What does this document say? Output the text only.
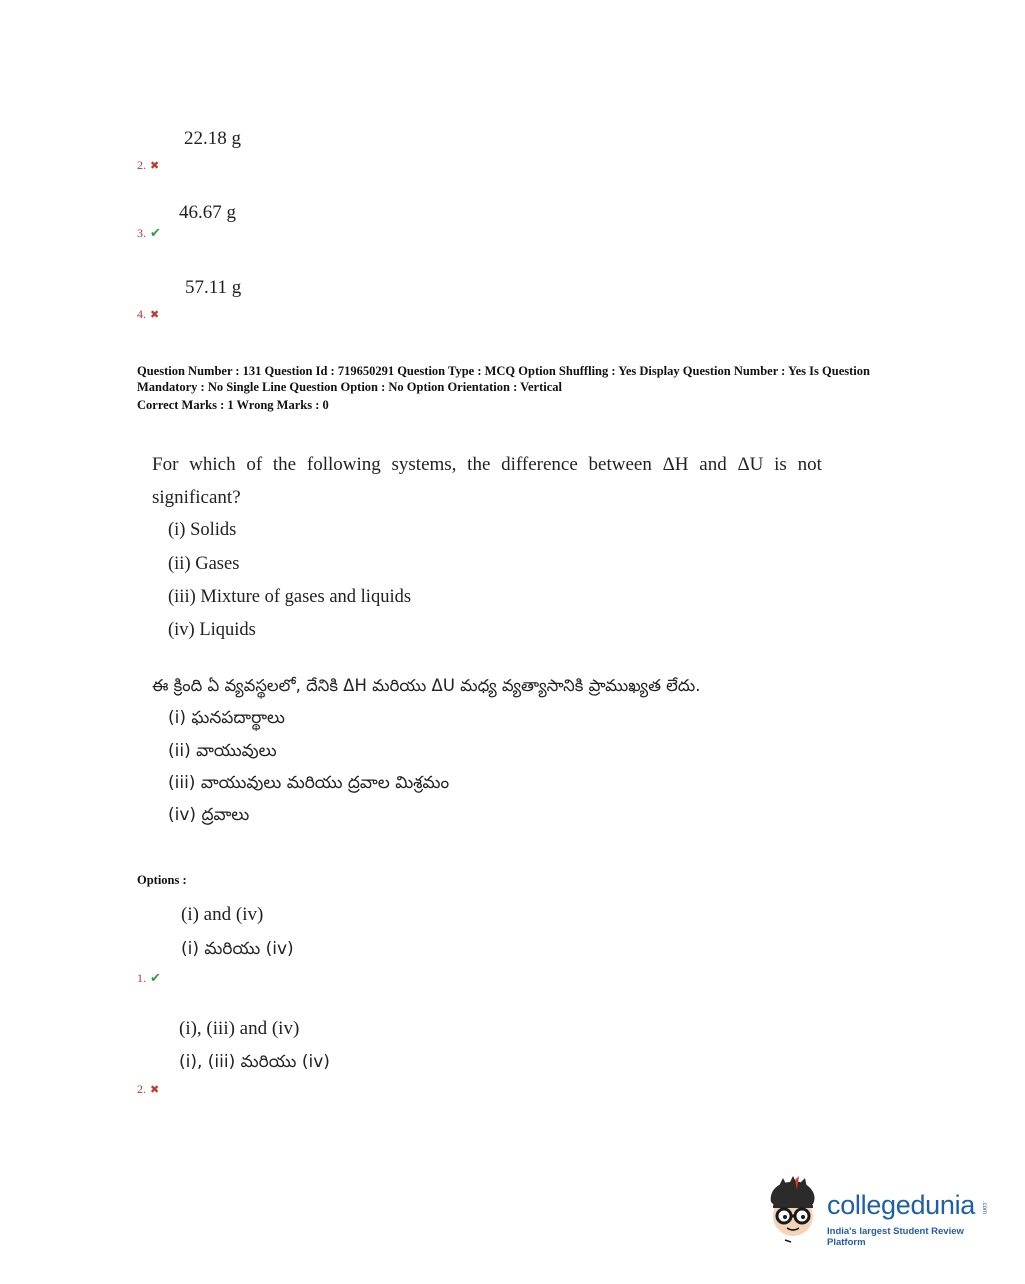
22.18 g
2. ✖
46.67 g
3. ✔
57.11 g
4. ✖
Question Number : 131 Question Id : 719650291 Question Type : MCQ Option Shuffling : Yes Display Question Number : Yes Is Question
Mandatory : No Single Line Question Option : No Option Orientation : Vertical
Correct Marks : 1 Wrong Marks : 0
For which of the following systems, the difference between ΔH and ΔU is not
significant?
(i) Solids
(ii) Gases
(iii) Mixture of gases and liquids
(iv) Liquids
ఈ క్రింది ఏ వ్యవస్థలలో, దేనికి ΔH మరియు ΔU మధ్య వ్యత్యాసానికి ప్రాముఖ్యత లేదు.
(i) ఘనపదార్థాలు
(ii) వాయువులు
(iii) వాయువులు మరియు ద్రవాల మిశ్రమం
(iv) ద్రవాలు
Options :
(i) and (iv)
(i) మరియు (iv)
1. ✔
(i), (iii) and (iv)
(i), (iii) మరియు (iv)
2. ✖
collegedunia .com
India's largest Student Review Platform
